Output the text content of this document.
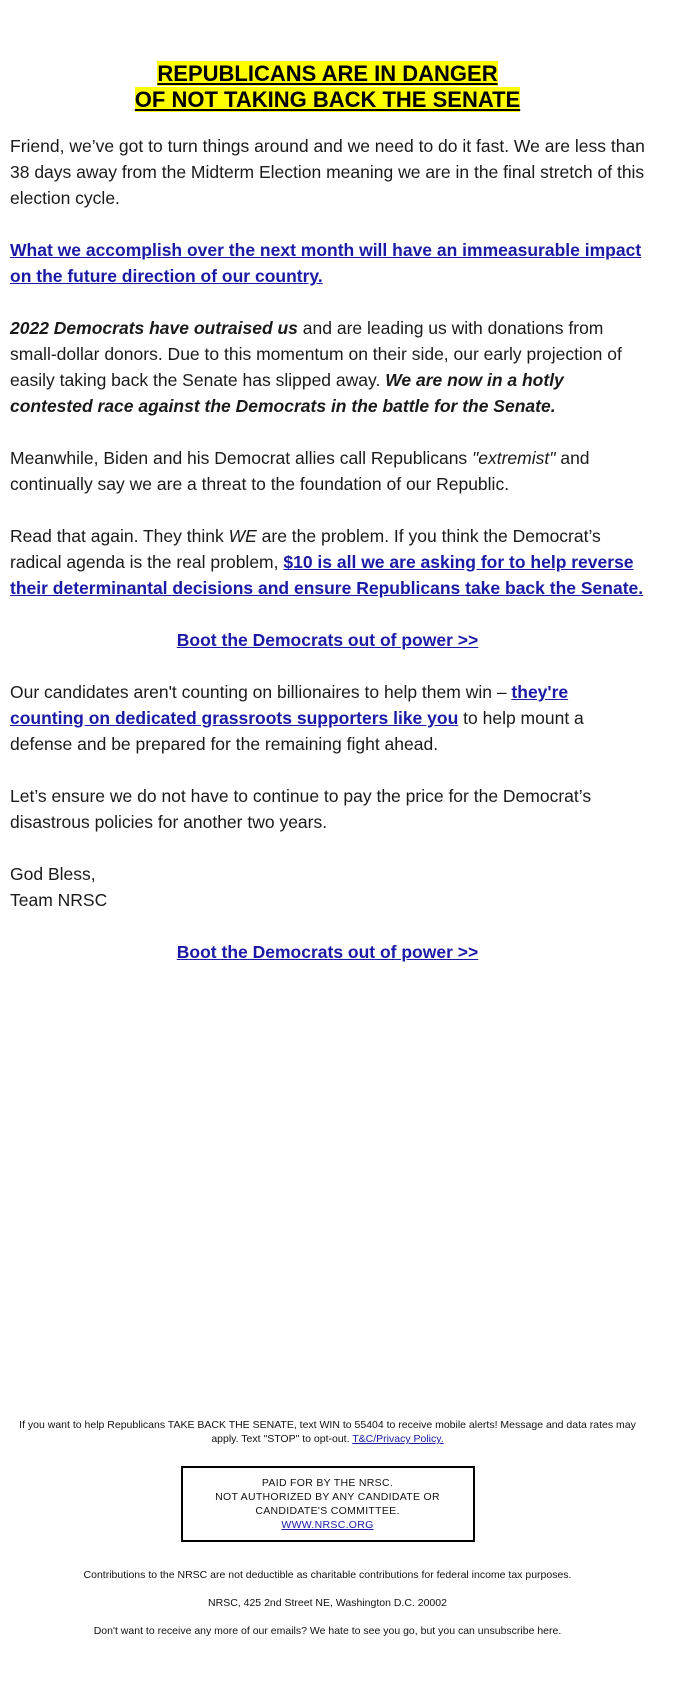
REPUBLICANS ARE IN DANGER
OF NOT TAKING BACK THE SENATE

Friend, we’ve got to turn things around and we need to do it fast. We are less than 38 days away from the Midterm Election meaning we are in the final stretch of this election cycle.

What we accomplish over the next month will have an immeasurable impact on the future direction of our country.

2022 Democrats have outraised us and are leading us with donations from small-dollar donors. Due to this momentum on their side, our early projection of easily taking back the Senate has slipped away. We are now in a hotly contested race against the Democrats in the battle for the Senate.

Meanwhile, Biden and his Democrat allies call Republicans "extremist" and continually say we are a threat to the foundation of our Republic.

Read that again. They think WE are the problem. If you think the Democrat’s radical agenda is the real problem, $10 is all we are asking for to help reverse their determinantal decisions and ensure Republicans take back the Senate.

Boot the Democrats out of power >>

Our candidates aren't counting on billionaires to help them win – they're counting on dedicated grassroots supporters like you to help mount a defense and be prepared for the remaining fight ahead.

Let’s ensure we do not have to continue to pay the price for the Democrat’s disastrous policies for another two years.

God Bless,
Team NRSC

Boot the Democrats out of power >>

If you want to help Republicans TAKE BACK THE SENATE, text WIN to 55404 to receive mobile alerts! Message and data rates may apply. Text "STOP" to opt-out. T&C/Privacy Policy.

PAID FOR BY THE NRSC.
NOT AUTHORIZED BY ANY CANDIDATE OR
CANDIDATE'S COMMITTEE.
WWW.NRSC.ORG

Contributions to the NRSC are not deductible as charitable contributions for federal income tax purposes.

NRSC, 425 2nd Street NE, Washington D.C. 20002

Don't want to receive any more of our emails? We hate to see you go, but you can unsubscribe here.
